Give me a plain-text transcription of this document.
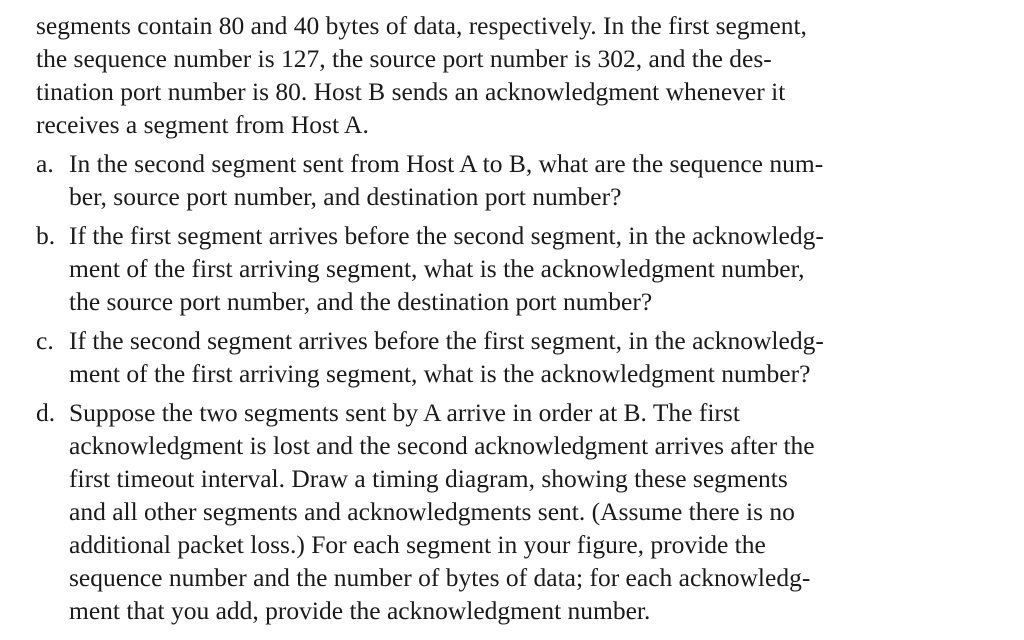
segments contain 80 and 40 bytes of data, respectively. In the first segment,
the sequence number is 127, the source port number is 302, and the des-
tination port number is 80. Host B sends an acknowledgment whenever it
receives a segment from Host A.
a. In the second segment sent from Host A to B, what are the sequence num-
ber, source port number, and destination port number?
b. If the first segment arrives before the second segment, in the acknowledg-
ment of the first arriving segment, what is the acknowledgment number,
the source port number, and the destination port number?
c. If the second segment arrives before the first segment, in the acknowledg-
ment of the first arriving segment, what is the acknowledgment number?
d. Suppose the two segments sent by A arrive in order at B. The first
acknowledgment is lost and the second acknowledgment arrives after the
first timeout interval. Draw a timing diagram, showing these segments
and all other segments and acknowledgments sent. (Assume there is no
additional packet loss.) For each segment in your figure, provide the
sequence number and the number of bytes of data; for each acknowledg-
ment that you add, provide the acknowledgment number.
